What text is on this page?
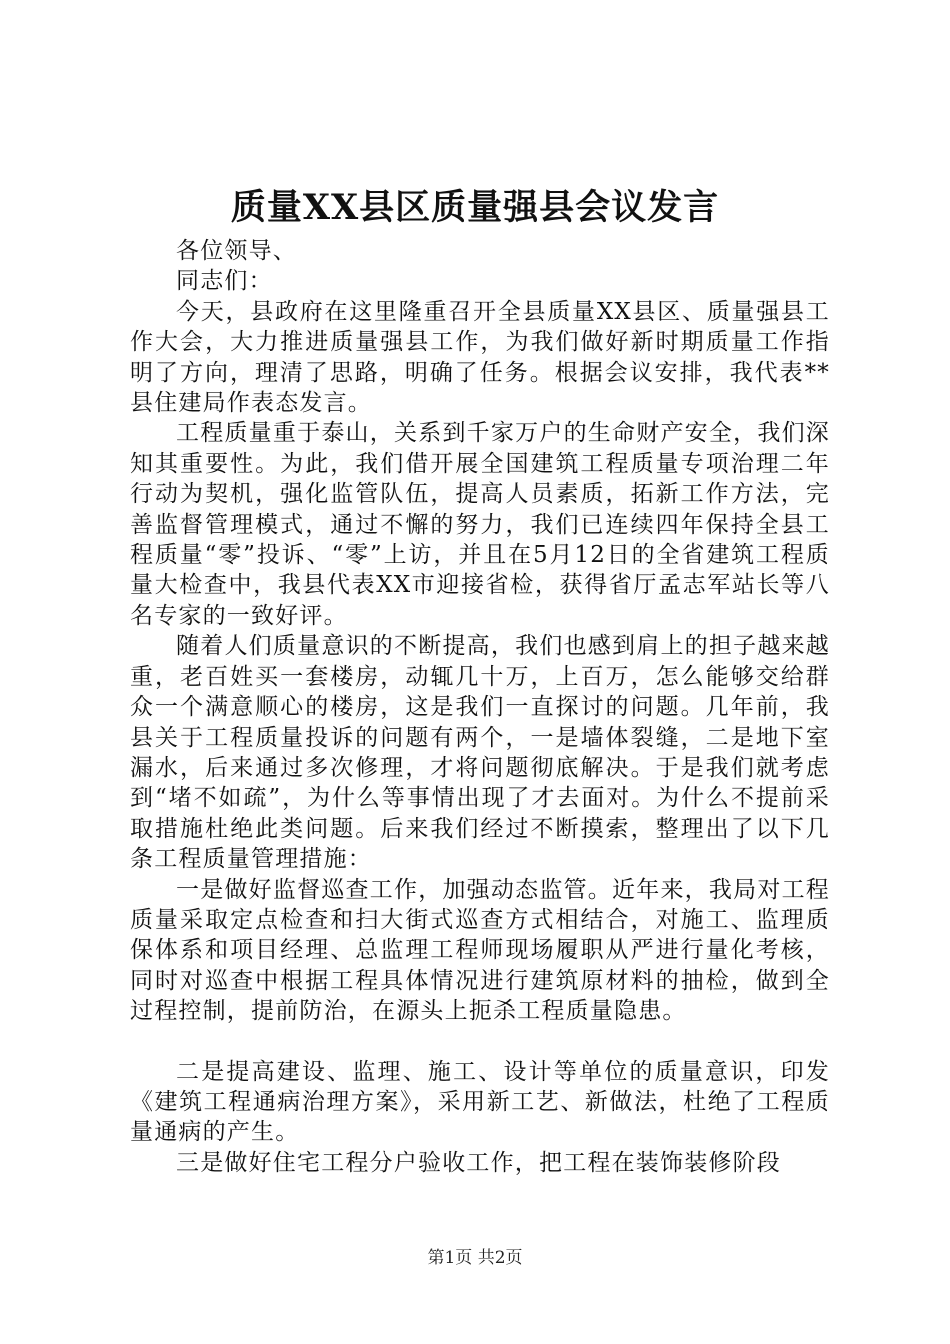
质量XX县区质量强县会议发言

各位领导、

同志们：

今天，县政府在这里隆重召开全县质量XX县区、质量强县工作大会，大力推进质量强县工作，为我们做好新时期质量工作指明了方向，理清了思路，明确了任务。根据会议安排，我代表**县住建局作表态发言。

工程质量重于泰山，关系到千家万户的生命财产安全，我们深知其重要性。为此，我们借开展全国建筑工程质量专项治理二年行动为契机，强化监管队伍，提高人员素质，拓新工作方法，完善监督管理模式，通过不懈的努力，我们已连续四年保持全县工程质量“零”投诉、“零”上访，并且在5月12日的全省建筑工程质量大检查中，我县代表XX市迎接省检，获得省厅孟志军站长等八名专家的一致好评。

随着人们质量意识的不断提高，我们也感到肩上的担子越来越重，老百姓买一套楼房，动辄几十万，上百万，怎么能够交给群众一个满意顺心的楼房，这是我们一直探讨的问题。几年前，我县关于工程质量投诉的问题有两个，一是墙体裂缝，二是地下室漏水，后来通过多次修理，才将问题彻底解决。于是我们就考虑到“堵不如疏”，为什么等事情出现了才去面对。为什么不提前采取措施杜绝此类问题。后来我们经过不断摸索，整理出了以下几条工程质量管理措施：

一是做好监督巡查工作，加强动态监管。近年来，我局对工程质量采取定点检查和扫大街式巡查方式相结合，对施工、监理质保体系和项目经理、总监理工程师现场履职从严进行量化考核，同时对巡查中根据工程具体情况进行建筑原材料的抽检，做到全过程控制，提前防治，在源头上扼杀工程质量隐患。

二是提高建设、监理、施工、设计等单位的质量意识，印发《建筑工程通病治理方案》，采用新工艺、新做法，杜绝了工程质量通病的产生。

三是做好住宅工程分户验收工作，把工程在装饰装修阶段

第1页 共2页
